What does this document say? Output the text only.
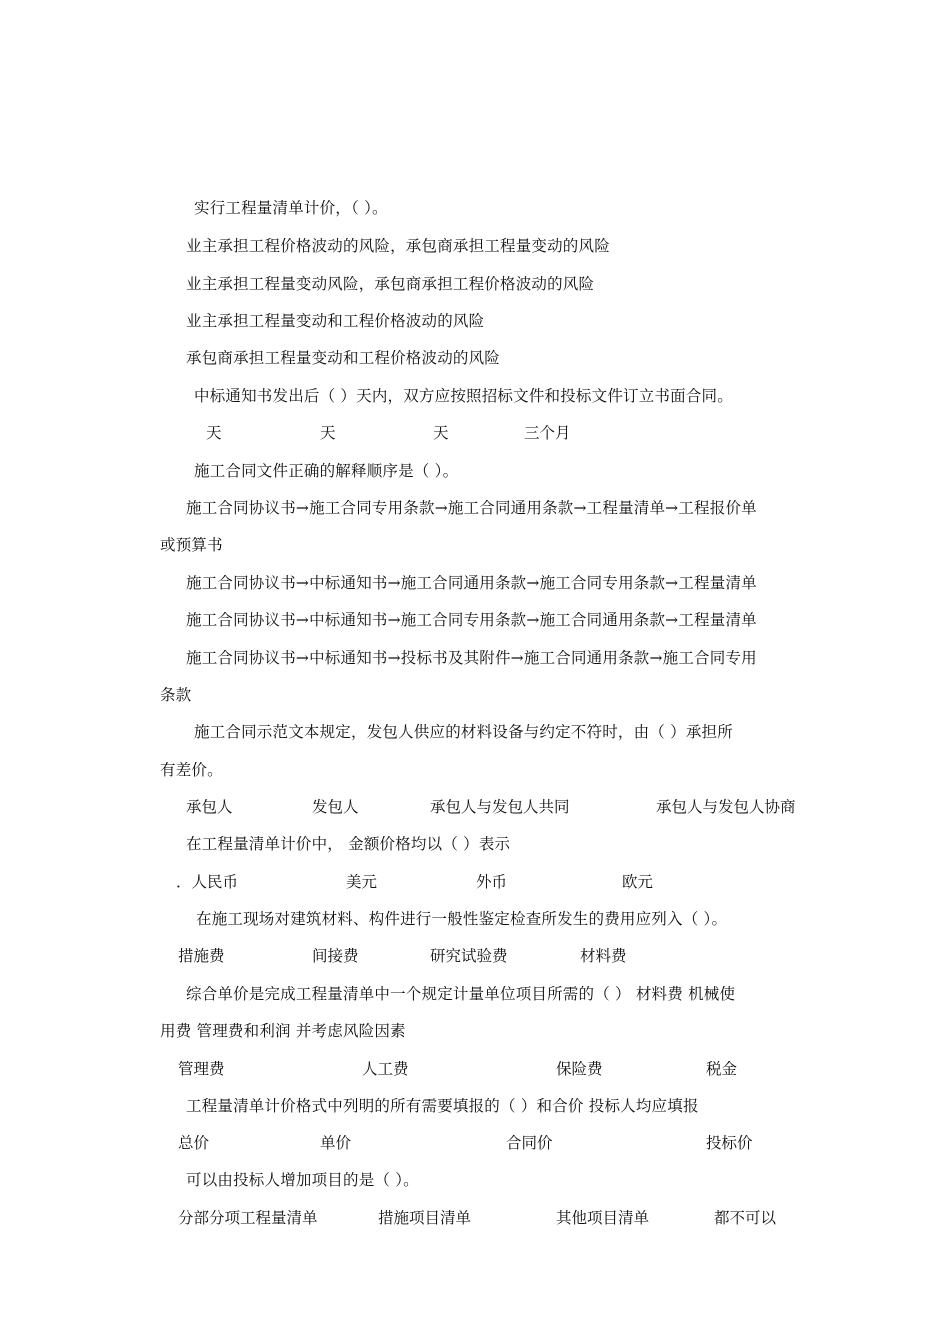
实行工程量清单计价，（ ）。
业主承担工程价格波动的风险，承包商承担工程量变动的风险
业主承担工程量变动风险，承包商承担工程价格波动的风险
业主承担工程量变动和工程价格波动的风险
承包商承担工程量变动和工程价格波动的风险
中标通知书发出后（ ）天内，双方应按照招标文件和投标文件订立书面合同。
天	天	天	三个月
施工合同文件正确的解释顺序是（ ）。
施工合同协议书→施工合同专用条款→施工合同通用条款→工程量清单→工程报价单
或预算书
施工合同协议书→中标通知书→施工合同通用条款→施工合同专用条款→工程量清单
施工合同协议书→中标通知书→施工合同专用条款→施工合同通用条款→工程量清单
施工合同协议书→中标通知书→投标书及其附件→施工合同通用条款→施工合同专用
条款
施工合同示范文本规定，发包人供应的材料设备与约定不符时，由（ ）承担所
有差价。
承包人	发包人	承包人与发包人共同	承包人与发包人协商
在工程量清单计价中， 金额价格均以（ ）表示
．人民币	美元	外币	欧元
在施工现场对建筑材料、构件进行一般性鉴定检查所发生的费用应列入（ ）。
措施费	间接费	研究试验费	材料费
综合单价是完成工程量清单中一个规定计量单位项目所需的（ ） 材料费 机械使
用费 管理费和利润 并考虑风险因素
管理费	人工费	保险费	税金
工程量清单计价格式中列明的所有需要填报的（ ）和合价 投标人均应填报
总价	单价	合同价	投标价
可以由投标人增加项目的是（ ）。
分部分项工程量清单	措施项目清单	其他项目清单	都不可以
